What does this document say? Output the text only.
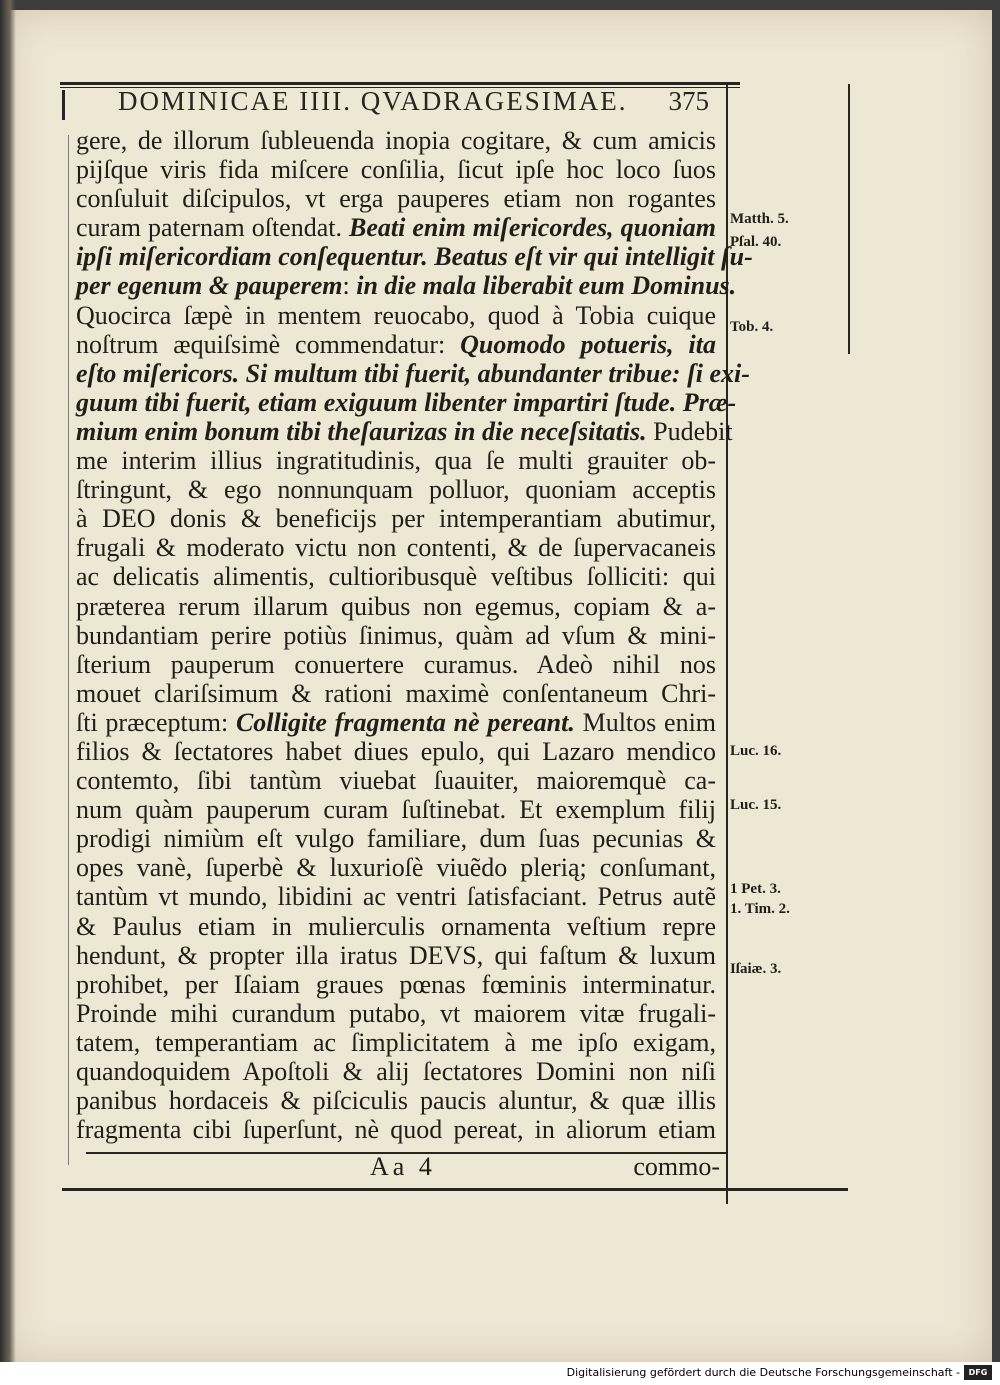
DOMINICAE IIII. QVADRAGESIMAE. 375
gere, de illorum ſubleuenda inopia cogitare, & cum amicis
pijſque viris fida miſcere conſilia, ſicut ipſe hoc loco ſuos
conſuluit diſcipulos, vt erga pauperes etiam non rogantes
curam paternam oſtendat. Beati enim miſericordes, quoniam
ipſi miſericordiam conſequentur. Beatus eſt vir qui intelligit ſu-
per egenum & pauperem: in die mala liberabit eum Dominus.
Quocirca ſæpè in mentem reuocabo, quod à Tobia cuique
noſtrum æquiſsimè commendatur: Quomodo potueris, ita
eſto miſericors. Si multum tibi fuerit, abundanter tribue: ſi exi-
guum tibi fuerit, etiam exiguum libenter impartiri ſtude. Præ-
mium enim bonum tibi theſaurizas in die neceſsitatis. Pudebit
me interim illius ingratitudinis, qua ſe multi grauiter ob-
ſtringunt, & ego nonnunquam polluor, quoniam acceptis
à DEO donis & beneficijs per intemperantiam abutimur,
frugali & moderato victu non contenti, & de ſupervacaneis
ac delicatis alimentis, cultioribusquè veſtibus ſolliciti: qui
præterea rerum illarum quibus non egemus, copiam & a-
bundantiam perire potiùs ſinimus, quàm ad vſum & mini-
ſterium pauperum conuertere curamus. Adeò nihil nos
mouet clariſsimum & rationi maximè conſentaneum Chri-
ſti præceptum: Colligite fragmenta nè pereant. Multos enim
filios & ſectatores habet diues epulo, qui Lazaro mendico
contemto, ſibi tantùm viuebat ſuauiter, maioremquè ca-
num quàm pauperum curam ſuſtinebat. Et exemplum filij
prodigi nimiùm eſt vulgo familiare, dum ſuas pecunias &
opes vanè, ſuperbè & luxurioſè viuẽdo plerią; conſumant,
tantùm vt mundo, libidini ac ventri ſatisfaciant. Petrus autẽ
& Paulus etiam in mulierculis ornamenta veſtium repre
hendunt, & propter illa iratus DEVS, qui faſtum & luxum
prohibet, per Iſaiam graues pœnas fœminis interminatur.
Proinde mihi curandum putabo, vt maiorem vitæ frugali-
tatem, temperantiam ac ſimplicitatem à me ipſo exigam,
quandoquidem Apoſtoli & alij ſectatores Domini non niſi
panibus hordaceis & piſciculis paucis aluntur, & quæ illis
fragmenta cibi ſuperſunt, nè quod pereat, in aliorum etiam
Matth. 5.
Pſal. 40.
Tob. 4.
Luc. 16.
Luc. 15.
1 Pet. 3.
1. Tim. 2.
Iſaiæ. 3.
Aa 4	commo-
Digitalisierung gefördert durch die Deutsche Forschungsgemeinschaft -	DFG
